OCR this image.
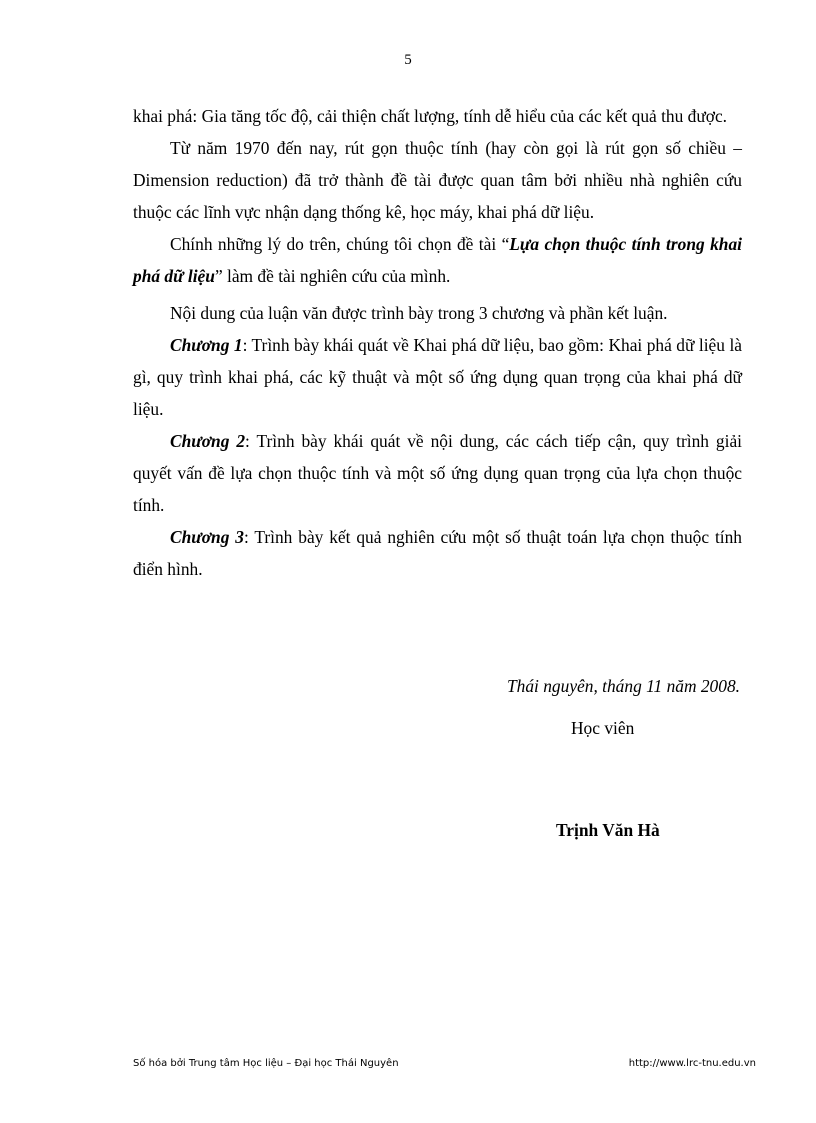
5

khai phá: Gia tăng tốc độ, cải thiện chất lượng, tính dễ hiểu của các kết quả thu được.

Từ năm 1970 đến nay, rút gọn thuộc tính (hay còn gọi là rút gọn số chiều – Dimension reduction) đã trở thành đề tài được quan tâm bởi nhiều nhà nghiên cứu thuộc các lĩnh vực nhận dạng thống kê, học máy, khai phá dữ liệu.

Chính những lý do trên, chúng tôi chọn đề tài “Lựa chọn thuộc tính trong khai phá dữ liệu” làm đề tài nghiên cứu của mình.

Nội dung của luận văn được trình bày trong 3 chương và phần kết luận.

Chương 1: Trình bày khái quát về Khai phá dữ liệu, bao gồm: Khai phá dữ liệu là gì, quy trình khai phá, các kỹ thuật và một số ứng dụng quan trọng của khai phá dữ liệu.

Chương 2: Trình bày khái quát về nội dung, các cách tiếp cận, quy trình giải quyết vấn đề lựa chọn thuộc tính và một số ứng dụng quan trọng của lựa chọn thuộc tính.

Chương 3: Trình bày kết quả nghiên cứu một số thuật toán lựa chọn thuộc tính điển hình.

Thái nguyên, tháng 11 năm 2008.
Học viên
Trịnh Văn Hà
Số hóa bởi Trung tâm Học liệu – Đại học Thái Nguyên	http://www.lrc-tnu.edu.vn
